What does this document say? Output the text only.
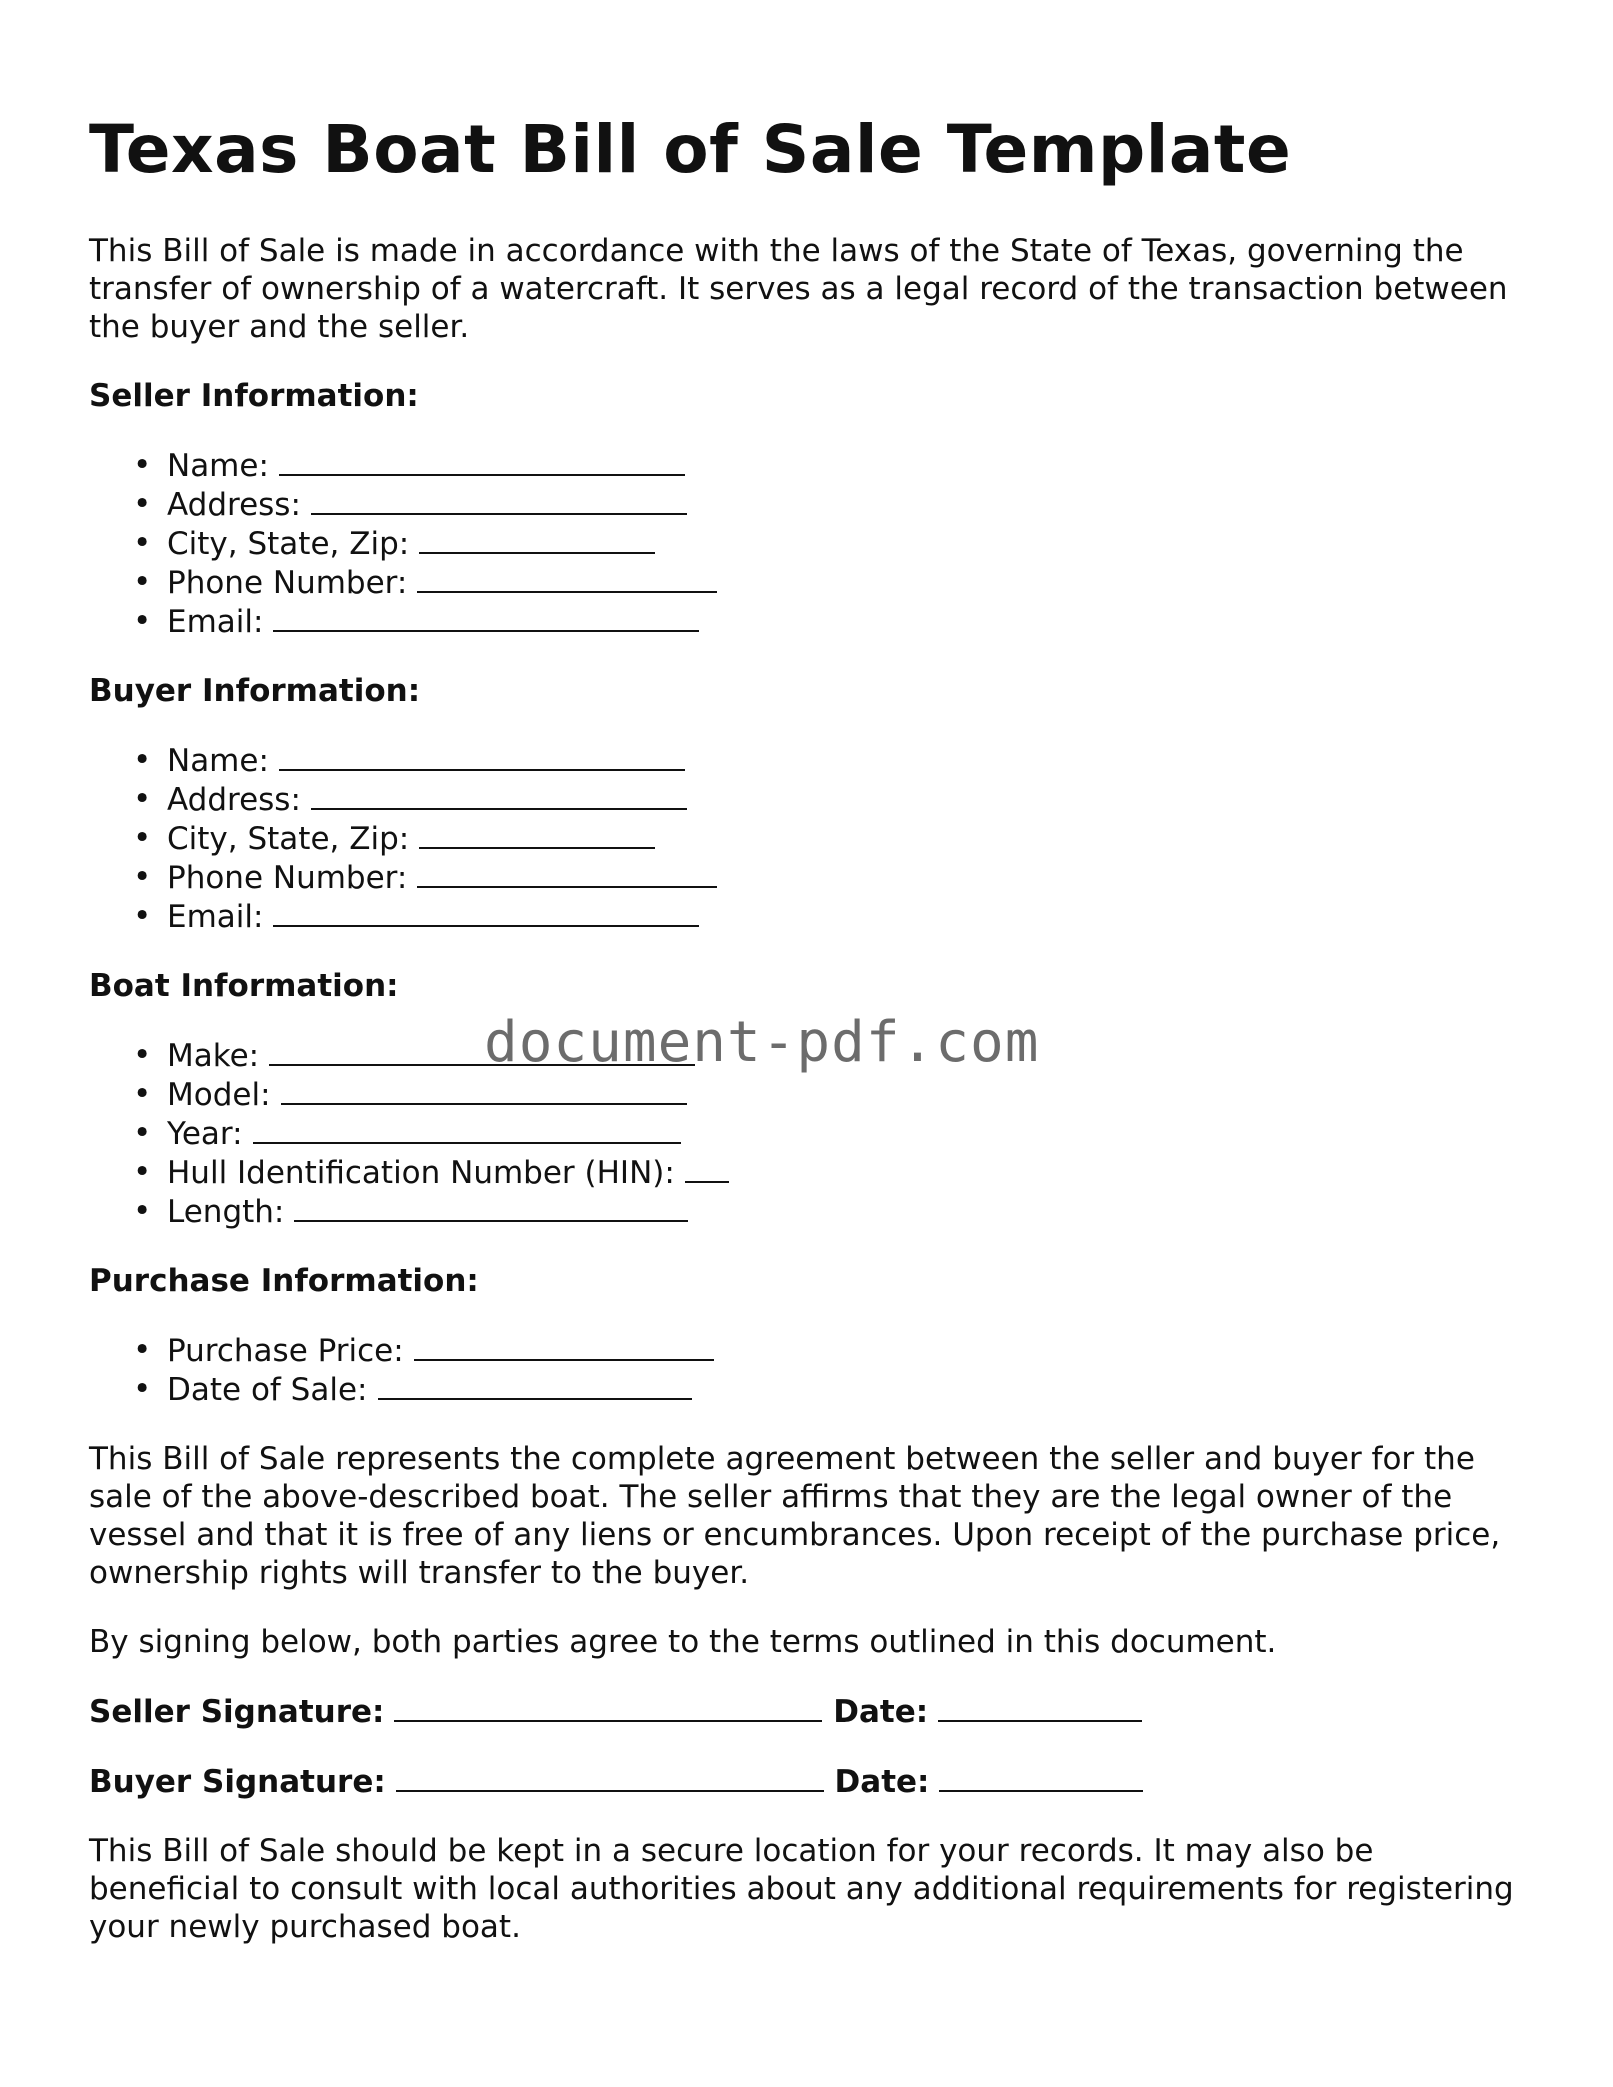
Texas Boat Bill of Sale Template

This Bill of Sale is made in accordance with the laws of the State of Texas, governing the transfer of ownership of a watercraft. It serves as a legal record of the transaction between the buyer and the seller.

Seller Information:
• Name:
• Address:
• City, State, Zip:
• Phone Number:
• Email:
Buyer Information:
• Name:
• Address:
• City, State, Zip:
• Phone Number:
• Email:
Boat Information:
• Make:
• Model:
• Year:
• Hull Identification Number (HIN):
• Length:
Purchase Information:
• Purchase Price:
• Date of Sale:

This Bill of Sale represents the complete agreement between the seller and buyer for the sale of the above-described boat. The seller affirms that they are the legal owner of the vessel and that it is free of any liens or encumbrances. Upon receipt of the purchase price, ownership rights will transfer to the buyer.

By signing below, both parties agree to the terms outlined in this document.

Seller Signature:	Date:
Buyer Signature:	Date:

This Bill of Sale should be kept in a secure location for your records. It may also be beneficial to consult with local authorities about any additional requirements for registering your newly purchased boat.

document-pdf.com
